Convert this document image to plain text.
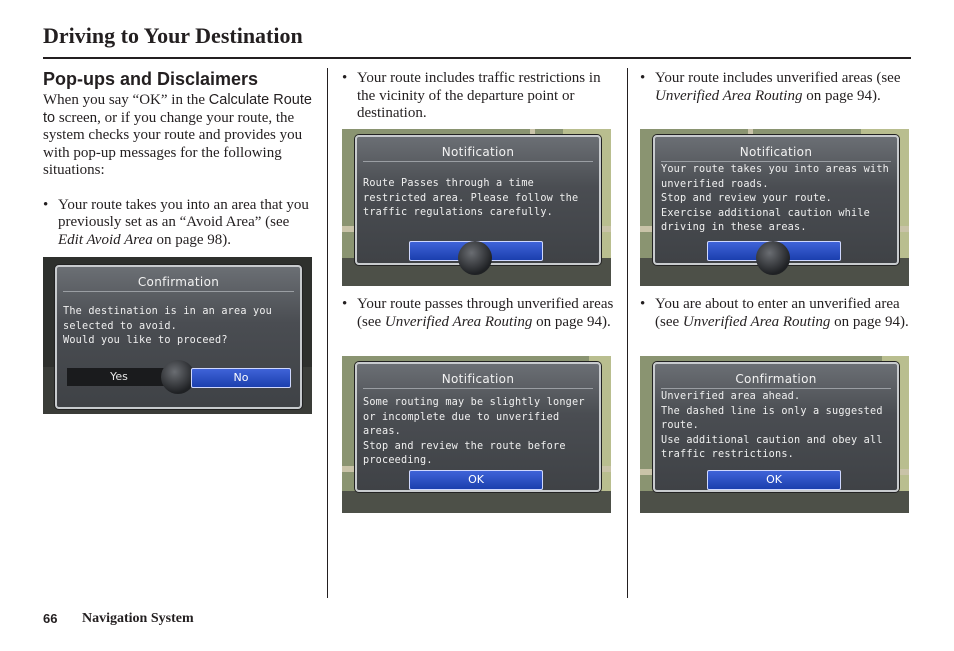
Driving to Your Destination
Pop-ups and Disclaimers

When you say “OK” in the Calculate Route to screen, or if you change your route, the system checks your route and provides you with pop-up messages for the following situations:

• Your route takes you into an area that you previously set as an “Avoid Area” (see Edit Avoid Area on page 98).

Confirmation
The destination is in an area you
selected to avoid.
Would you like to proceed?
Yes	No

• Your route includes traffic restrictions in the vicinity of the departure point or destination.

Notification
Route Passes through a time
restricted area. Please follow the
traffic regulations carefully.

• Your route passes through unverified areas (see Unverified Area Routing on page 94).

Notification
Some routing may be slightly longer
or incomplete due to unverified areas.
Stop and review the route before
proceeding.
OK

• Your route includes unverified areas (see Unverified Area Routing on page 94).

Notification
Your route takes you into areas with
unverified roads.
Stop and review your route.
Exercise additional caution while
driving in these areas.

• You are about to enter an unverified area (see Unverified Area Routing on page 94).

Confirmation
Unverified area ahead.
The dashed line is only a suggested
route.
Use additional caution and obey all
traffic restrictions.
OK
66 Navigation System
